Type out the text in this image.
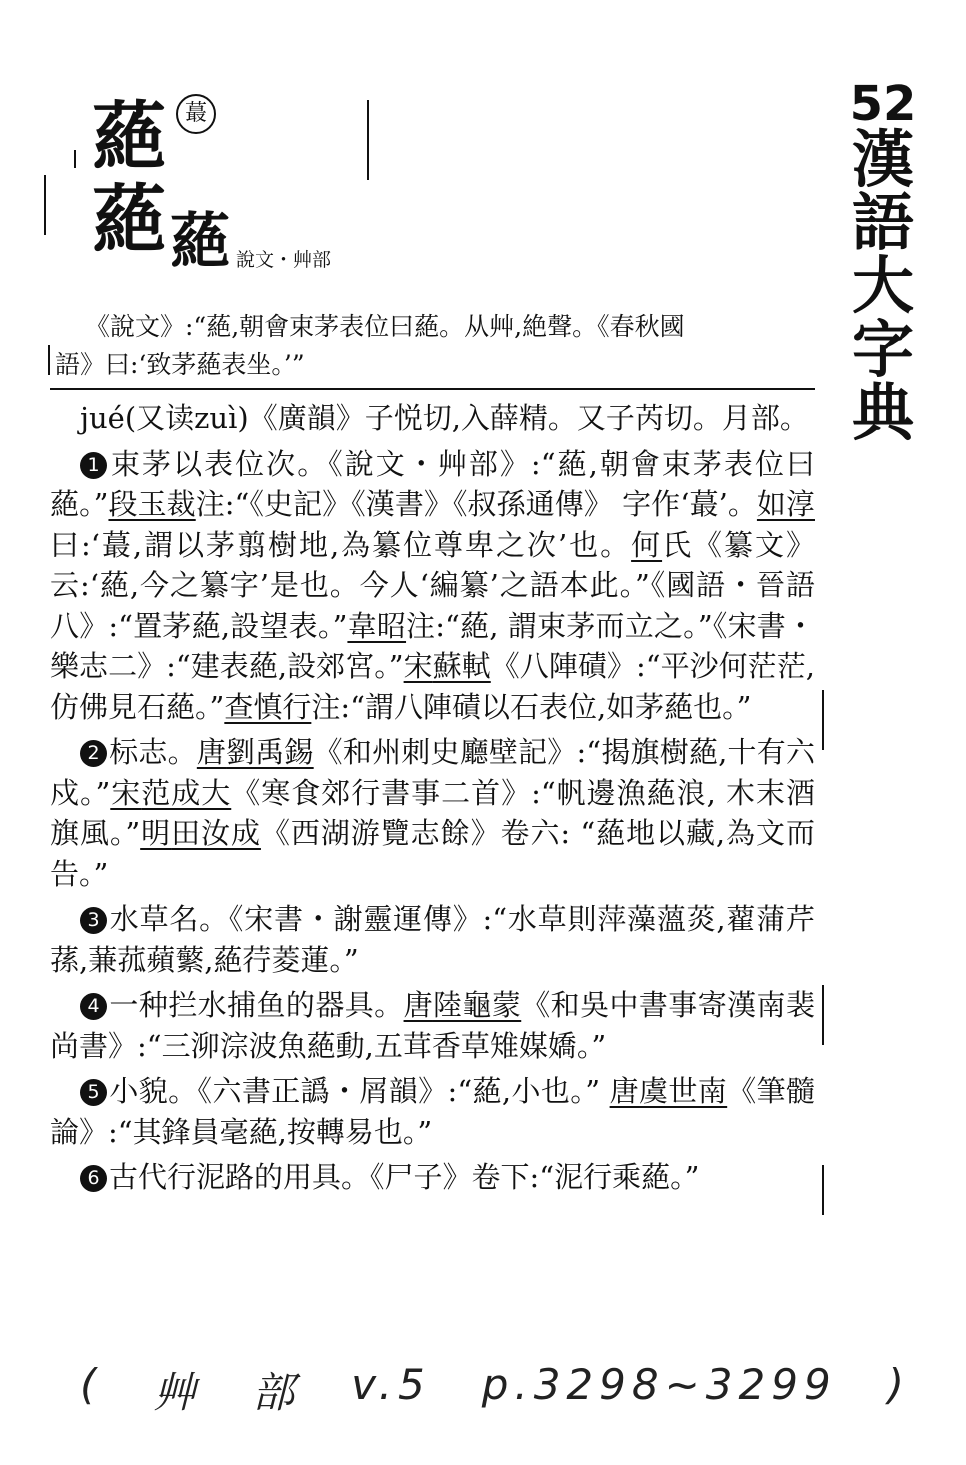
蕝 蕞
蕝 蕝 說文・艸部
52
漢
語
大
字
典
《說文》:“蕝,朝會束茅表位曰蕝。从艸,絶聲。《春秋國
語》曰:‘致茅蕝表坐。’”

jué(又读zuì)《廣韻》子悦切,入薛精。又子芮切。月部。

1 束茅以表位次。《說文・艸部》:“蕝,朝會束茅表位曰蕝。”段玉裁注:“《史記》《漢書》《叔孫通傳》 字作‘蕞’。如淳曰:‘蕞,謂以茅翦樹地,為纂位尊卑之次’也。何氏《纂文》云:‘蕝,今之纂字’是也。今人‘編纂’之語本此。”《國語・晉語八》:“置茅蕝,設望表。”韋昭注:“蕝, 謂束茅而立之。”《宋書・樂志二》:“建表蕝,設郊宮。”宋蘇軾《八陣磧》:“平沙何茫茫,仿佛見石蕝。”查慎行注:“謂八陣磧以石表位,如茅蕝也。”

2 标志。唐劉禹錫《和州刺史廳壁記》:“揭旗樹蕝,十有六戍。”宋范成大《寒食郊行書事二首》:“帆邊漁蕝浪, 木末酒旗風。”明田汝成《西湖游覽志餘》卷六: “蕝地以藏,為文而告。”

3 水草名。《宋書・謝靈運傳》:“水草則萍藻薀菼,藋蒲芹蓀,蒹菰蘋蘩,蕝荇菱蓮。”

4 一种拦水捕鱼的器具。唐陸龜蒙《和吳中書事寄漢南裴尚書》:“三泖淙波魚蕝動,五茸香草雉媒嬌。”

5 小貌。《六書正譌・屑韻》:“蕝,小也。” 唐虞世南《筆髓論》:“其鋒員毫蕝,按轉易也。”

6 古代行泥路的用具。《尸子》卷下:“泥行乘蕝。”

( 艸 部 v.5 p.3298~3299 )
